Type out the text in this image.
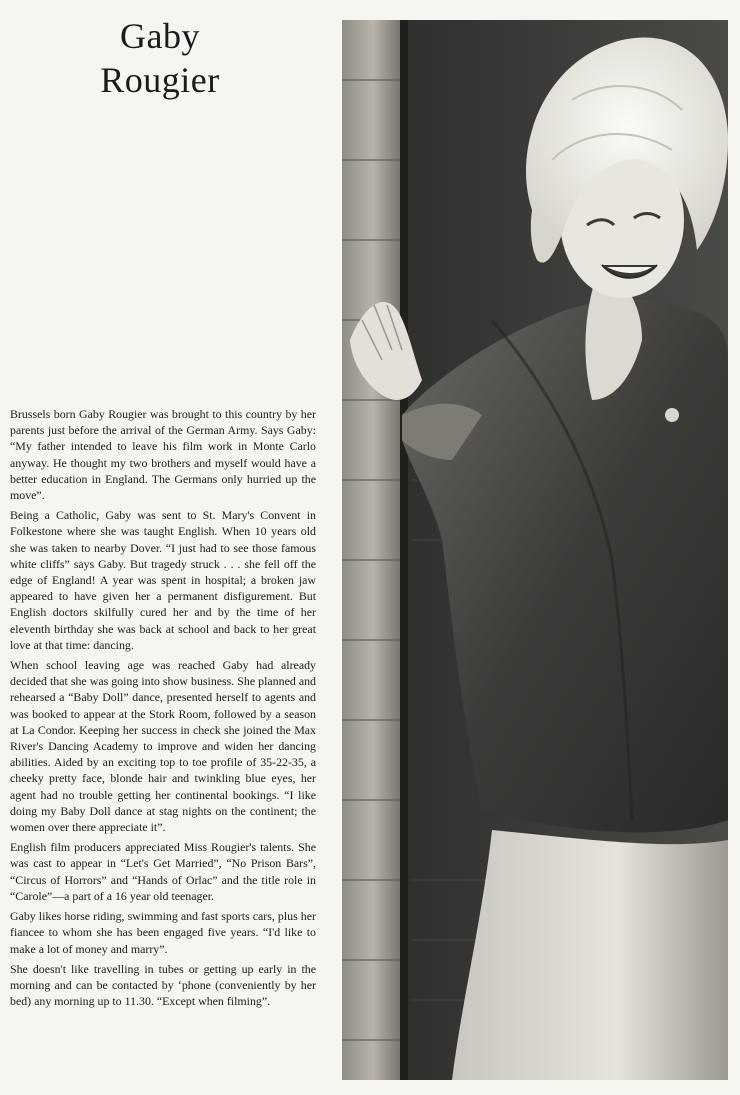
Gaby
Rougier

Brussels born Gaby Rougier was brought to this country by her parents just before the arrival of the German Army. Says Gaby: “My father intended to leave his film work in Monte Carlo anyway. He thought my two brothers and myself would have a better education in England. The Germans only hurried up the move”.

Being a Catholic, Gaby was sent to St. Mary's Convent in Folkestone where she was taught English. When 10 years old she was taken to nearby Dover. “I just had to see those famous white cliffs” says Gaby. But tragedy struck . . . she fell off the edge of England! A year was spent in hospital; a broken jaw appeared to have given her a permanent disfigurement. But English doctors skilfully cured her and by the time of her eleventh birthday she was back at school and back to her great love at that time: dancing.

When school leaving age was reached Gaby had already decided that she was going into show business. She planned and rehearsed a “Baby Doll” dance, presented herself to agents and was booked to appear at the Stork Room, followed by a season at La Condor. Keeping her success in check she joined the Max River's Dancing Academy to improve and widen her dancing abilities. Aided by an exciting top to toe profile of 35-22-35, a cheeky pretty face, blonde hair and twinkling blue eyes, her agent had no trouble getting her continental bookings. “I like doing my Baby Doll dance at stag nights on the continent; the women over there appreciate it”.

English film producers appreciated Miss Rougier's talents. She was cast to appear in “Let's Get Married”, “No Prison Bars”, “Circus of Horrors” and “Hands of Orlac” and the title role in “Carole”—a part of a 16 year old teenager.

Gaby likes horse riding, swimming and fast sports cars, plus her fiancee to whom she has been engaged five years. “I'd like to make a lot of money and marry”.

She doesn't like travelling in tubes or getting up early in the morning and can be contacted by ‘phone (conveniently by her bed) any morning up to 11.30. “Except when filming”.
